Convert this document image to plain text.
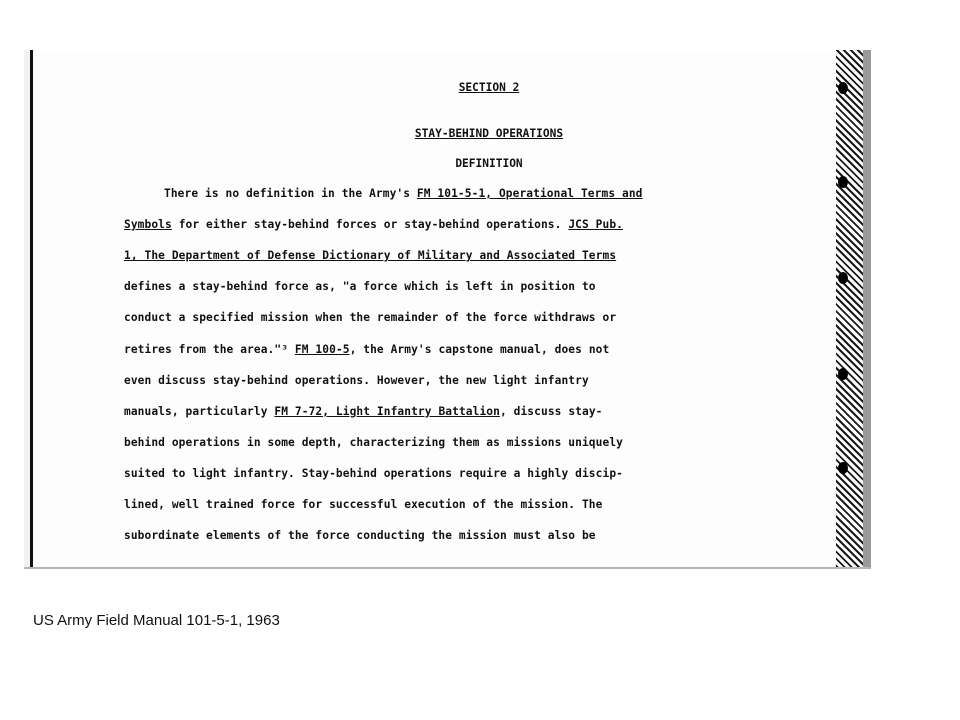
SECTION 2
STAY-BEHIND OPERATIONS
DEFINITION
There is no definition in the Army's FM 101-5-1, Operational Terms and
Symbols for either stay-behind forces or stay-behind operations. JCS Pub.
1, The Department of Defense Dictionary of Military and Associated Terms
defines a stay-behind force as, "a force which is left in position to
conduct a specified mission when the remainder of the force withdraws or
retires from the area."³ FM 100-5, the Army's capstone manual, does not
even discuss stay-behind operations. However, the new light infantry
manuals, particularly FM 7-72, Light Infantry Battalion, discuss stay-
behind operations in some depth, characterizing them as missions uniquely
suited to light infantry. Stay-behind operations require a highly discip-
lined, well trained force for successful execution of the mission. The
subordinate elements of the force conducting the mission must also be
US Army Field Manual 101-5-1, 1963
